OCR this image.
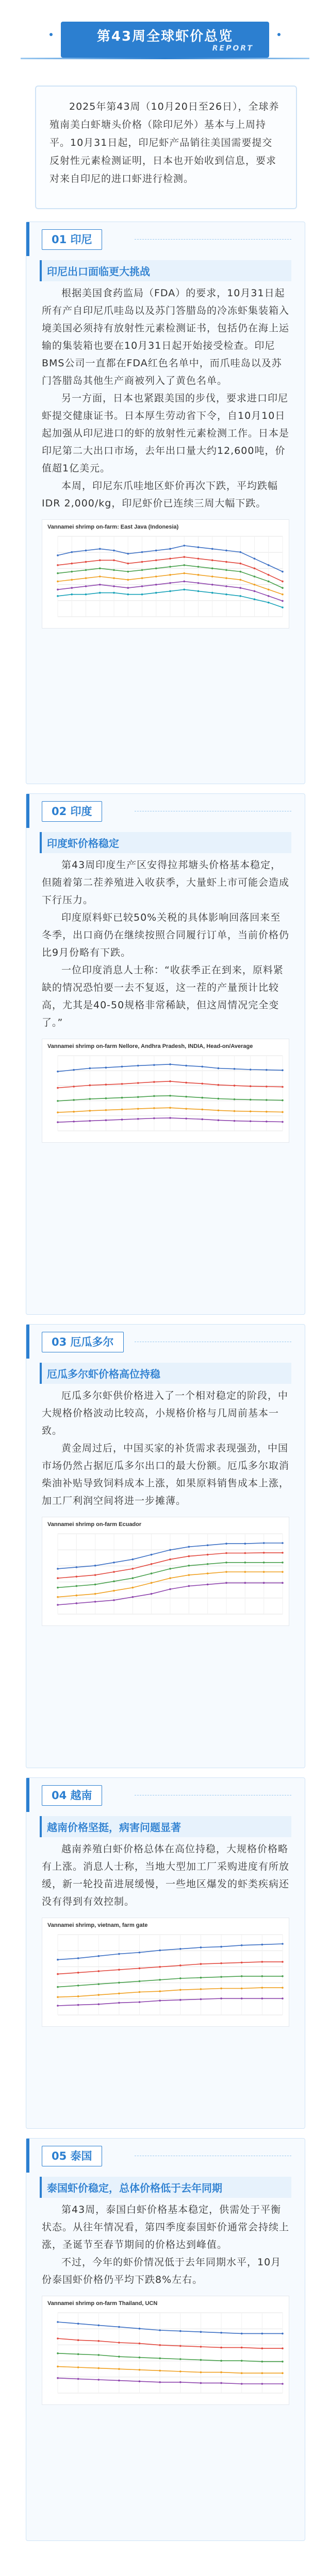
第43周全球虾价总览
REPORT

2025年第43周（10月20日至26日），全球养殖南美白虾塘头价格（除印尼外）基本与上周持平。10月31日起，印尼虾产品销往美国需要提交反射性元素检测证明，日本也开始收到信息，要求对来自印尼的进口虾进行检测。

01 印尼
印尼出口面临更大挑战

根据美国食药监局（FDA）的要求，10月31日起所有产自印尼爪哇岛以及苏门答腊岛的冷冻虾集装箱入境美国必须持有放射性元素检测证书，包括仍在海上运输的集装箱也要在10月31日起开始接受检查。印尼BMS公司一直都在FDA红色名单中，而爪哇岛以及苏门答腊岛其他生产商被列入了黄色名单。

另一方面，日本也紧跟美国的步伐，要求进口印尼虾提交健康证书。日本厚生劳动省下令，自10月10日起加强从印尼进口的虾的放射性元素检测工作。日本是印尼第二大出口市场，去年出口量大约12,600吨，价值超1亿美元。

本周，印尼东爪哇地区虾价再次下跌，平均跌幅IDR 2,000/kg，印尼虾价已连续三周大幅下跌。

Vannamei shrimp on-farm: East Java (Indonesia)
02 印度
印度虾价格稳定

第43周印度生产区安得拉邦塘头价格基本稳定，但随着第二茬养殖进入收获季，大量虾上市可能会造成下行压力。

印度原料虾已较50%关税的具体影响回落回来至冬季，出口商仍在继续按照合同履行订单，当前价格仍比9月份略有下跌。

一位印度消息人士称：“收获季正在到来，原料紧缺的情况恐怕要一去不复返，这一茬的产量预计比较高，尤其是40-50规格非常稀缺，但这周情况完全变了。”

Vannamei shrimp on-farm Nellore, Andhra Pradesh, INDIA, Head-on/Average
03 厄瓜多尔
厄瓜多尔虾价格高位持稳

厄瓜多尔虾供价格进入了一个相对稳定的阶段，中大规格价格波动比较高，小规格价格与几周前基本一致。

黄金周过后，中国买家的补货需求表现强劲，中国市场仍然占据厄瓜多尔出口的最大份额。厄瓜多尔取消柴油补贴导致饲料成本上涨，如果原料销售成本上涨，加工厂利润空间将进一步摊薄。

Vannamei shrimp on-farm Ecuador
04 越南
越南价格坚挺，病害问题显著

越南养殖白虾价格总体在高位持稳，大规格价格略有上涨。消息人士称，当地大型加工厂采购进度有所放缓，新一轮投苗进展缓慢，一些地区爆发的虾类疾病还没有得到有效控制。

Vannamei shrimp, vietnam, farm gate
05 泰国
泰国虾价稳定，总体价格低于去年同期

第43周，泰国白虾价格基本稳定，供需处于平衡状态。从往年情况看，第四季度泰国虾价通常会持续上涨，圣诞节至春节期间的价格达到峰值。

不过，今年的虾价情况低于去年同期水平，10月份泰国虾价格仍平均下跌8%左右。

Vannamei shrimp on-farm Thailand, UCN
